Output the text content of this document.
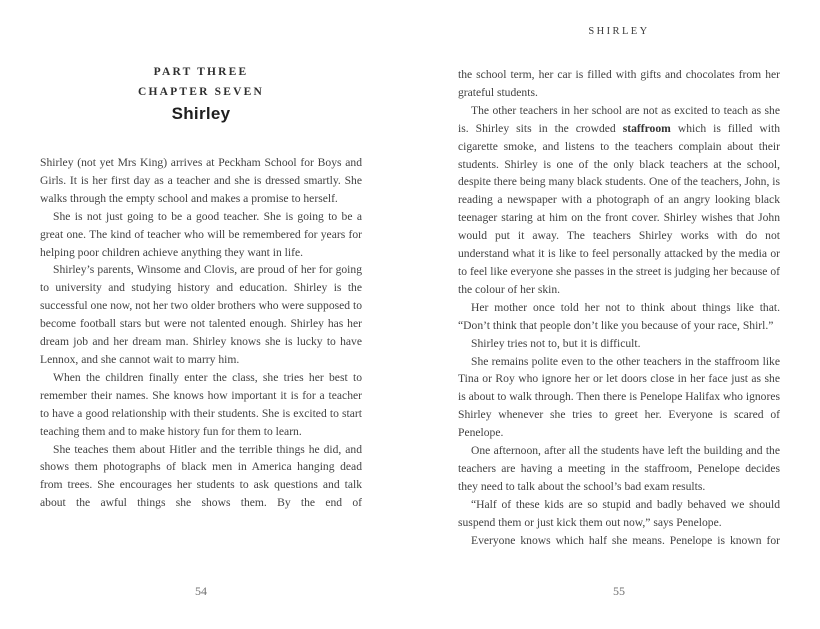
PART THREE
CHAPTER SEVEN
Shirley

Shirley (not yet Mrs King) arrives at Peckham School for Boys and Girls. It is her first day as a teacher and she is dressed smartly. She walks through the empty school and makes a promise to herself.

She is not just going to be a good teacher. She is going to be a great one. The kind of teacher who will be remembered for years for helping poor children achieve anything they want in life.

Shirley’s parents, Winsome and Clovis, are proud of her for going to university and studying history and education. Shirley is the successful one now, not her two older brothers who were supposed to become football stars but were not talented enough. Shirley has her dream job and her dream man. Shirley knows she is lucky to have Lennox, and she cannot wait to marry him.

When the children finally enter the class, she tries her best to remember their names. She knows how important it is for a teacher to have a good relationship with their students. She is excited to start teaching them and to make history fun for them to learn.

She teaches them about Hitler and the terrible things he did, and shows them photographs of black men in America hanging dead from trees. She encourages her students to ask questions and talk about the awful things she shows them. By the end of

54
SHIRLEY

the school term, her car is filled with gifts and chocolates from her grateful students.

The other teachers in her school are not as excited to teach as she is. Shirley sits in the crowded staffroom which is filled with cigarette smoke, and listens to the teachers complain about their students. Shirley is one of the only black teachers at the school, despite there being many black students. One of the teachers, John, is reading a newspaper with a photograph of an angry looking black teenager staring at him on the front cover. Shirley wishes that John would put it away. The teachers Shirley works with do not understand what it is like to feel personally attacked by the media or to feel like everyone she passes in the street is judging her because of the colour of her skin.

Her mother once told her not to think about things like that. “Don’t think that people don’t like you because of your race, Shirl.”

Shirley tries not to, but it is difficult.

She remains polite even to the other teachers in the staffroom like Tina or Roy who ignore her or let doors close in her face just as she is about to walk through. Then there is Penelope Halifax who ignores Shirley whenever she tries to greet her. Everyone is scared of Penelope.

One afternoon, after all the students have left the building and the teachers are having a meeting in the staffroom, Penelope decides they need to talk about the school’s bad exam results.

“Half of these kids are so stupid and badly behaved we should suspend them or just kick them out now,” says Penelope.

Everyone knows which half she means. Penelope is known for

55
